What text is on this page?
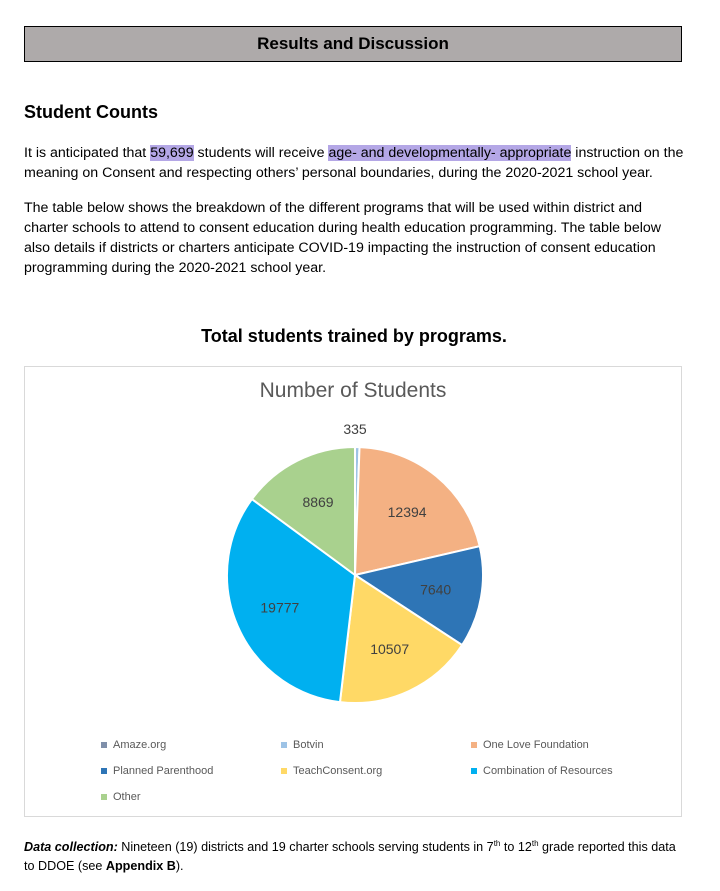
Results and Discussion
Student Counts
It is anticipated that 59,699 students will receive age- and developmentally- appropriate instruction on the meaning on Consent and respecting others’ personal boundaries, during the 2020-2021 school year.
The table below shows the breakdown of the different programs that will be used within district and charter schools to attend to consent education during health education programming. The table below also details if districts or charters anticipate COVID-19 impacting the instruction of consent education programming during the 2020-2021 school year.
Total students trained by programs.
Number of Students
335
12394
7640
10507
19777
8869
Amaze.org	Botvin	One Love Foundation
Planned Parenthood	TeachConsent.org	Combination of Resources
Other
Data collection: Nineteen (19) districts and 19 charter schools serving students in 7th to 12th grade reported this data to DDOE (see Appendix B).
